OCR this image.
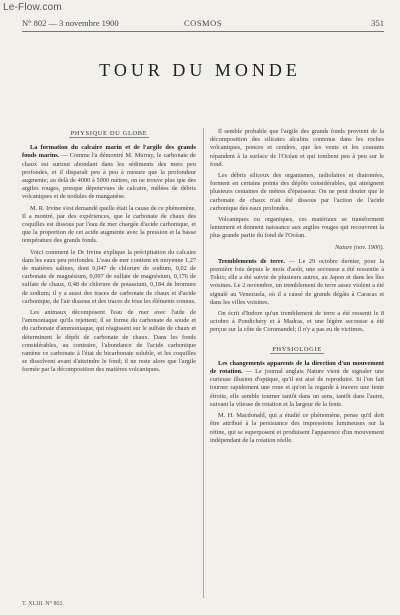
Le-Flow.com
N° 802 — 3 novembre 1900	COSMOS	351
TOUR DU MONDE
PHYSIQUE DU GLOBE

La formation du calcaire marin et de l'argile des grands fonds marins. — Comme l'a démontré M. Murray, le carbonate de chaux est surtout abondant dans les sédiments des mers peu profondes, et il disparaît peu à peu à mesure que la profondeur augmente; au delà de 4000 à 5000 mètres, on ne trouve plus que des argiles rouges, presque dépourvues de calcaire, mêlées de débris volcaniques et de nodules de manganèse.

M. R. Irvine s'est demandé quelle était la cause de ce phénomène. Il a montré, par des expériences, que le carbonate de chaux des coquilles est dissous par l'eau de mer chargée d'acide carbonique, et que la proportion de cet acide augmente avec la pression et la basse température des grands fonds.

Voici comment le Dr Irvine explique la précipitation du calcaire dans les eaux peu profondes. L'eau de mer contient en moyenne 1,27 de matières salines, dont 0,047 de chlorure de sodium, 0,02 de carbonate de magnésium, 0,097 de sulfate de magnésium, 0,176 de sulfate de chaux, 0,48 de chlorure de potassium, 0,184 de bromure de sodium; il y a aussi des traces de carbonate de chaux et d'acide carbonique, de l'air dissous et des traces de tous les éléments connus.

Les animaux décomposent l'eau de mer avec l'aide de l'ammoniaque qu'ils rejettent; il se forme du carbonate de soude et du carbonate d'ammoniaque, qui réagissent sur le sulfate de chaux et déterminent le dépôt de carbonate de chaux. Dans les fonds considérables, au contraire, l'abondance de l'acide carbonique ramène ce carbonate à l'état de bicarbonate soluble, et les coquilles se dissolvent avant d'atteindre le fond; il ne reste alors que l'argile formée par la décomposition des matières volcaniques.

Il semble probable que l'argile des grands fonds provient de la décomposition des silicates alcalins contenus dans les roches volcaniques, ponces et cendres, que les vents et les courants répandent à la surface de l'Océan et qui tombent peu à peu sur le fond.

Les débris siliceux des organismes, radiolaires et diatomées, forment en certains points des dépôts considérables, qui atteignent plusieurs centaines de mètres d'épaisseur. On ne peut douter que le carbonate de chaux n'ait été dissous par l'action de l'acide carbonique des eaux profondes.

Volcaniques ou organiques, ces matériaux se transforment lentement et donnent naissance aux argiles rouges qui recouvrent la plus grande partie du fond de l'Océan.

Nature (nov. 1900).

Tremblements de terre. — Le 29 octobre dernier, pour la première fois depuis le mois d'août, une secousse a été ressentie à Tokio; elle a été suivie de plusieurs autres, au Japon et dans les îles voisines. Le 2 novembre, un tremblement de terre assez violent a été signalé au Venezuela, où il a causé de grands dégâts à Caracas et dans les villes voisines.

On écrit d'Indore qu'un tremblement de terre a été ressenti le 8 octobre à Pondichéry et à Madras, et une légère secousse a été perçue sur la côte de Coromandel; il n'y a pas eu de victimes.

PHYSIOLOGIE

Les changements apparents de la direction d'un mouvement de rotation. — Le journal anglais Nature vient de signaler une curieuse illusion d'optique, qu'il est aisé de reproduire. Si l'on fait tourner rapidement une roue et qu'on la regarde à travers une fente étroite, elle semble tourner tantôt dans un sens, tantôt dans l'autre, suivant la vitesse de rotation et la largeur de la fente.

M. H. Macdonald, qui a étudié ce phénomène, pense qu'il doit être attribué à la persistance des impressions lumineuses sur la rétine, qui se superposent et produisent l'apparence d'un mouvement indépendant de la rotation réelle.

T. XLIII. N° 802.
